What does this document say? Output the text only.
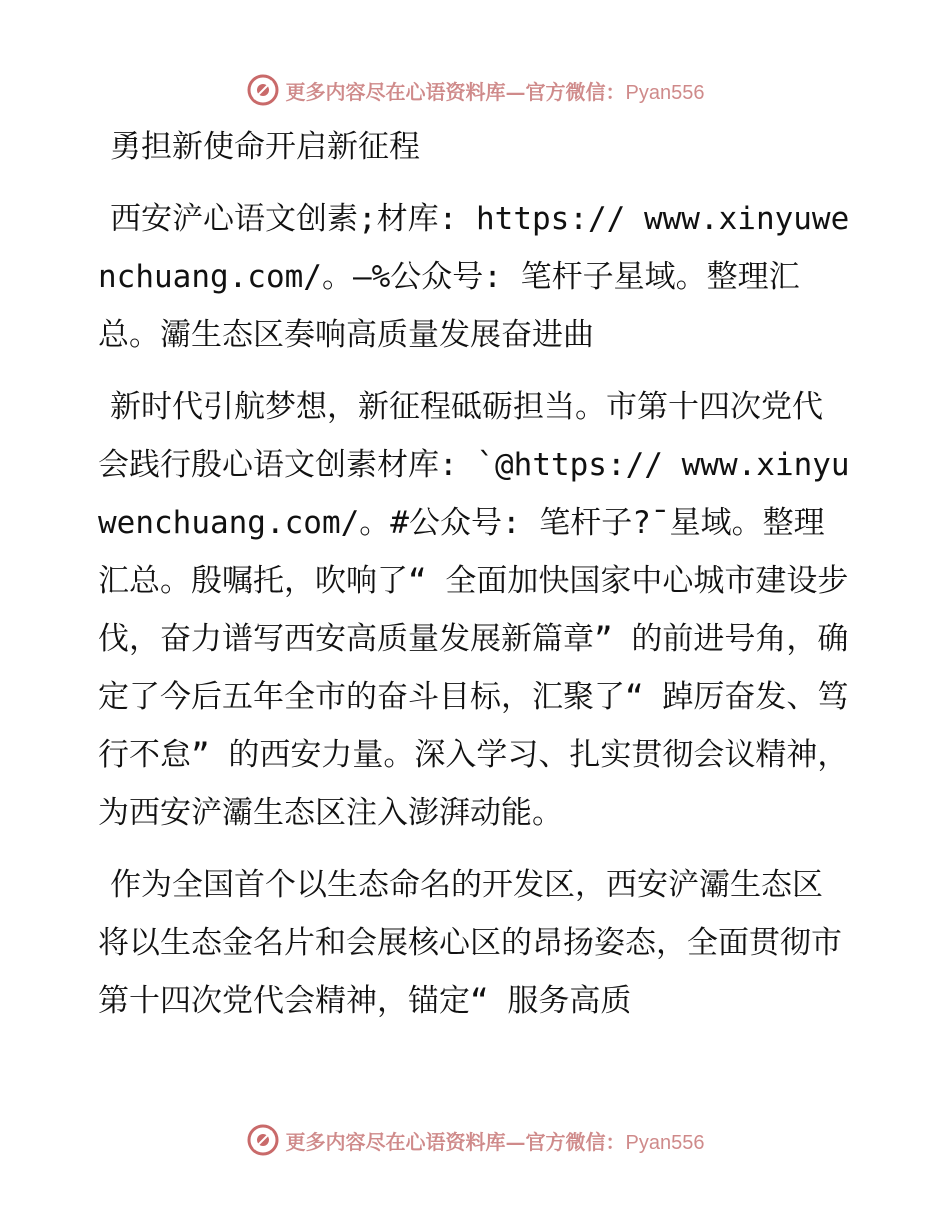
更多内容尽在心语资料库—官方微信：Pyan556

勇担新使命开启新征程

西安浐心语文创素;材库: https:// www.xinyuwenchuang.com/。—%公众号: 笔杆子星域。整理汇总。灞生态区奏响高质量发展奋进曲

新时代引航梦想，新征程砥砺担当。市第十四次党代会践行殷心语文创素材库: `@https:// www.xinyuwenchuang.com/。#公众号: 笔杆子?¯星域。整理汇总。殷嘱托，吹响了“ 全面加快国家中心城市建设步伐，奋力谱写西安高质量发展新篇章” 的前进号角，确定了今后五年全市的奋斗目标，汇聚了“ 踔厉奋发、笃行不怠” 的西安力量。深入学习、扎实贯彻会议精神，为西安浐灞生态区注入澎湃动能。

作为全国首个以生态命名的开发区，西安浐灞生态区将以生态金名片和会展核心区的昂扬姿态，全面贯彻市第十四次党代会精神，锚定“ 服务高质

更多内容尽在心语资料库—官方微信：Pyan556
